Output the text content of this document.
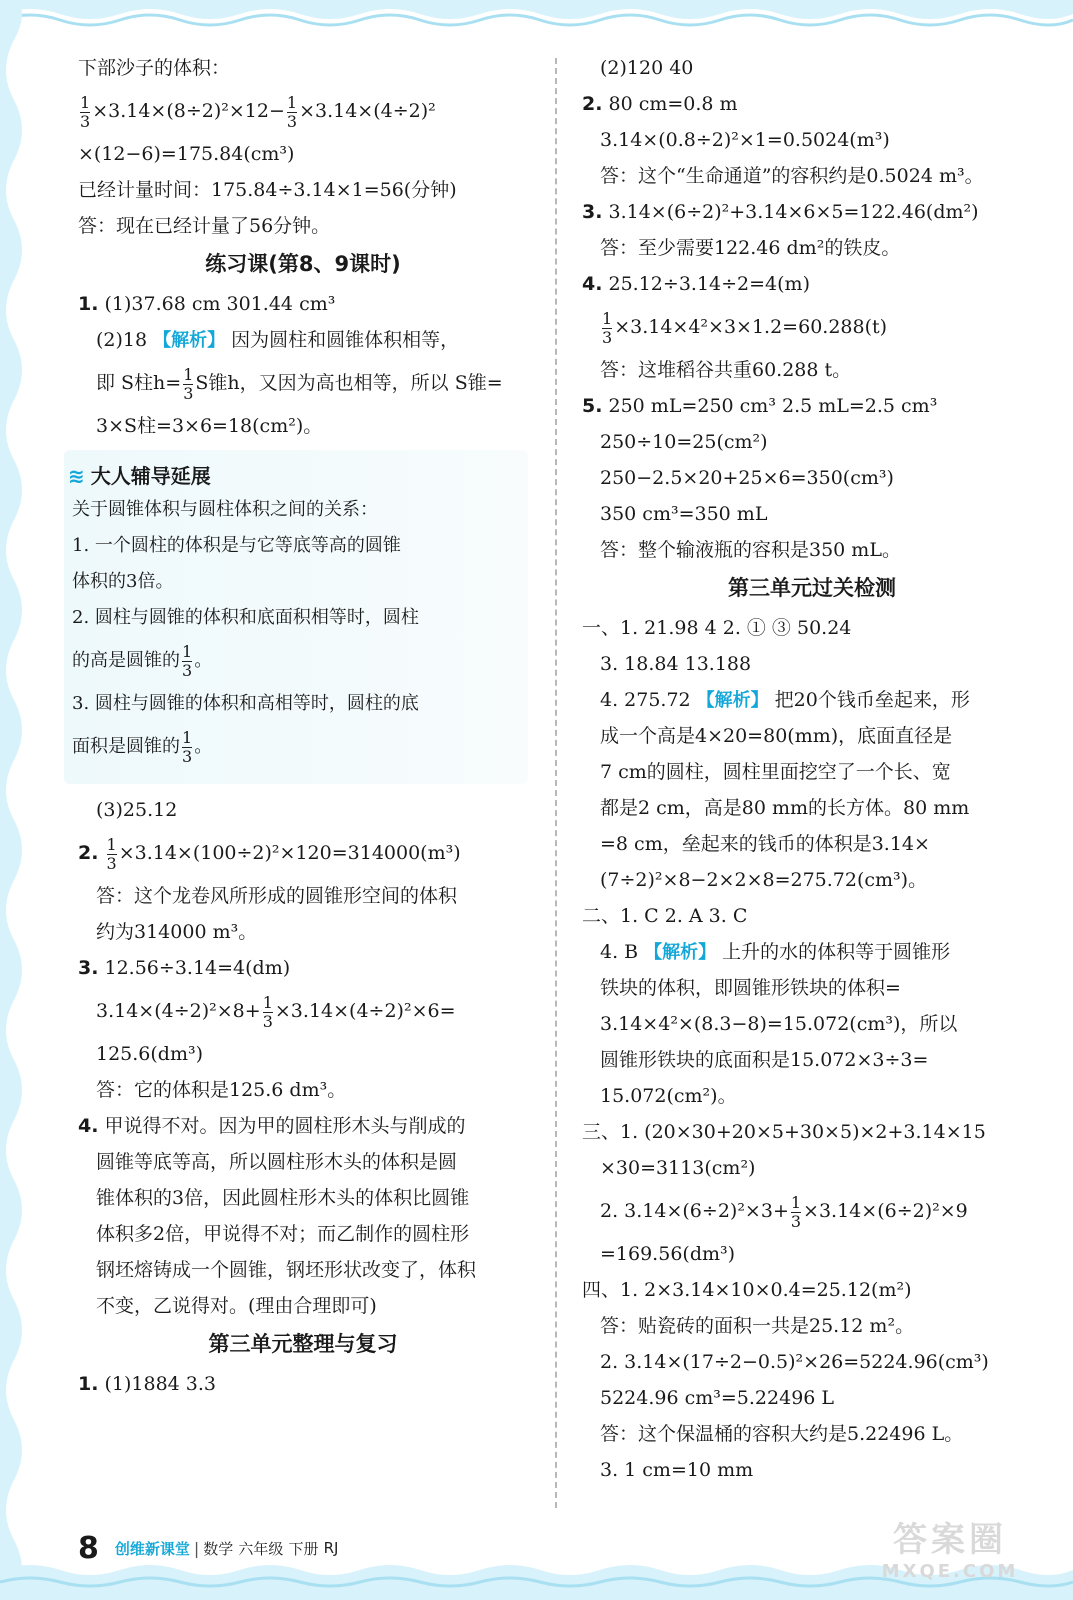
下部沙子的体积：
$\frac{1}{3} \times 3.14\times(8\div 2)^2\times 12- \frac{1}{3} \times 3.14\times(4\div 2)^2$
×(12−6)=175.84(cm³)
已经计量时间：175.84÷3.14×1=56(分钟)
答：现在已经计量了56分钟。
练习课(第8、9课时)
1. (1)37.68 cm 301.44 cm³
(2)18 【解析】 因为圆柱和圆锥体积相等，
即 S柱$h= \frac{1}{3}$ S锥h，又因为高也相等，所以 S锥=
3×S柱=3×6=18(cm²)。
≋ 大人辅导延展
关于圆锥体积与圆柱体积之间的关系：
1. 一个圆柱的体积是与它等底等高的圆锥
体积的3倍。
2. 圆柱与圆锥的体积和底面积相等时，圆柱
的高是圆锥的 $\frac{1}{3}$ 。
3. 圆柱与圆锥的体积和高相等时，圆柱的底
面积是圆锥的 $\frac{1}{3}$ 。
(3)25.12
2. $\frac{1}{3} \times 3.14\times(100\div 2)^2\times 120=314000(m^3)$
答：这个龙卷风所形成的圆锥形空间的体积
约为314000 m³。
3. 12.56÷3.14=4(dm)
$3.14\times(4\div 2)^2\times 8+ \frac{1}{3} \times 3.14\times(4\div 2)^2\times 6=$
125.6(dm³)
答：它的体积是125.6 dm³。
4. 甲说得不对。因为甲的圆柱形木头与削成的
圆锥等底等高，所以圆柱形木头的体积是圆
锥体积的3倍，因此圆柱形木头的体积比圆锥
体积多2倍，甲说得不对；而乙制作的圆柱形
钢坯熔铸成一个圆锥，钢坯形状改变了，体积
不变，乙说得对。(理由合理即可)
第三单元整理与复习
1. (1)1884 3.3
(2)120 40
2. 80 cm=0.8 m
3.14×(0.8÷2)²×1=0.5024(m³)
答：这个“生命通道”的容积约是0.5024 m³。
3. 3.14×(6÷2)²+3.14×6×5=122.46(dm²)
答：至少需要122.46 dm²的铁皮。
4. 25.12÷3.14÷2=4(m)
$\frac{1}{3} \times 3.14\times 4^2\times 3\times 1.2=60.288(t)$
答：这堆稻谷共重60.288 t。
5. 250 mL=250 cm³ 2.5 mL=2.5 cm³
250÷10=25(cm²)
250−2.5×20+25×6=350(cm³)
350 cm³=350 mL
答：整个输液瓶的容积是350 mL。
第三单元过关检测
一、1. 21.98 4 2. ① ③ 50.24
3. 18.84 13.188
4. 275.72 【解析】 把20个钱币垒起来，形
成一个高是4×20=80(mm)，底面直径是
7 cm的圆柱，圆柱里面挖空了一个长、宽
都是2 cm，高是80 mm的长方体。80 mm
=8 cm，垒起来的钱币的体积是3.14×
(7÷2)²×8−2×2×8=275.72(cm³)。
二、1. C 2. A 3. C
4. B 【解析】 上升的水的体积等于圆锥形
铁块的体积，即圆锥形铁块的体积=
3.14×4²×(8.3−8)=15.072(cm³)，所以
圆锥形铁块的底面积是15.072×3÷3=
15.072(cm²)。
三、1. (20×30+20×5+30×5)×2+3.14×15
×30=3113(cm²)
2. $3.14\times(6\div 2)^2\times 3+ \frac{1}{3} \times 3.14\times(6\div 2)^2\times 9$
=169.56(dm³)
四、1. 2×3.14×10×0.4=25.12(m²)
答：贴瓷砖的面积一共是25.12 m²。
2. 3.14×(17÷2−0.5)²×26=5224.96(cm³)
5224.96 cm³=5.22496 L
答：这个保温桶的容积大约是5.22496 L。
3. 1 cm=10 mm
8 创维新课堂 | 数学
六年级
下册
RJ	答案圈
MXQE.COM
